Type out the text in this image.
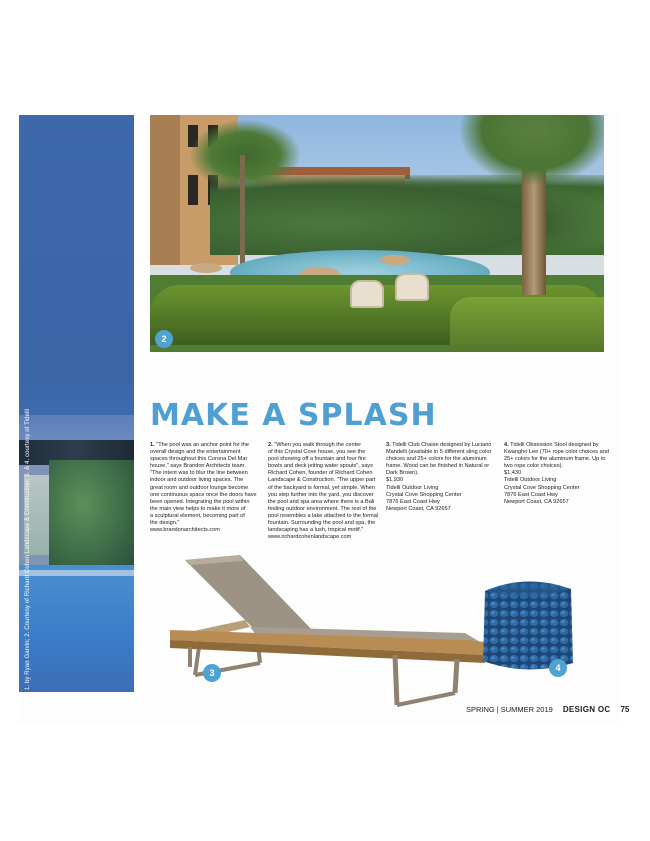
1. by Ryan Garvin; 2. Courtesy of Richard Cohen Landscape & Construction; 3. & 4. courtesy of Tidelli
2
MAKE A SPLASH
1. "The pool was an anchor point for the
overall design and the entertainment
spaces throughout this Corona Del Mar
house," says Brandon Architects team.
"The intent was to blur the line between
indoor and outdoor living spaces. The
great room and outdoor lounge become
one continuous space once the doors have
been opened. Integrating the pool within
the main view helps to make it more of
a sculptural element, becoming part of
the design."
www.brandonarchitects.com
2. "When you walk through the center
of this Crystal Cove house, you see the
pool showing off a fountain and four fire
bowls and deck jetting water spouts", says
Richard Cohen, founder of Richard Cohen
Landscape & Construction. "The upper part
of the backyard is formal, yet simple. When
you step further into the yard, you discover
the pool and spa area where there is a Bali
feeling outdoor environment. The rest of the
pool resembles a lake attached to the formal
fountain. Surrounding the pool and spa, the
landscaping has a lush, tropical motif."
www.richardcohenlandscape.com
3. Tidelli Club Chaise designed by Luciano
Mandelli (available in 5 different sling color
choices and 25+ colors for the aluminum
frame. Wood can be finished in Natural or
Dark Brown).
$1,930
Tidelli Outdoor Living
Crystal Cove Shopping Center
7876 East Coast Hwy
Newport Coast, CA 92657
4. Tidelli Obsession Stool designed by
Kwangho Lee (70+ rope color choices and
25+ colors for the aluminum frame. Up to
two rope color choices).
$1,430
Tidelli Outdoor Living
Crystal Cove Shopping Center
7876 East Coast Hwy
Newport Coast, CA 92657
3	4
SPRING | SUMMER 2019 DESIGN OC 75
